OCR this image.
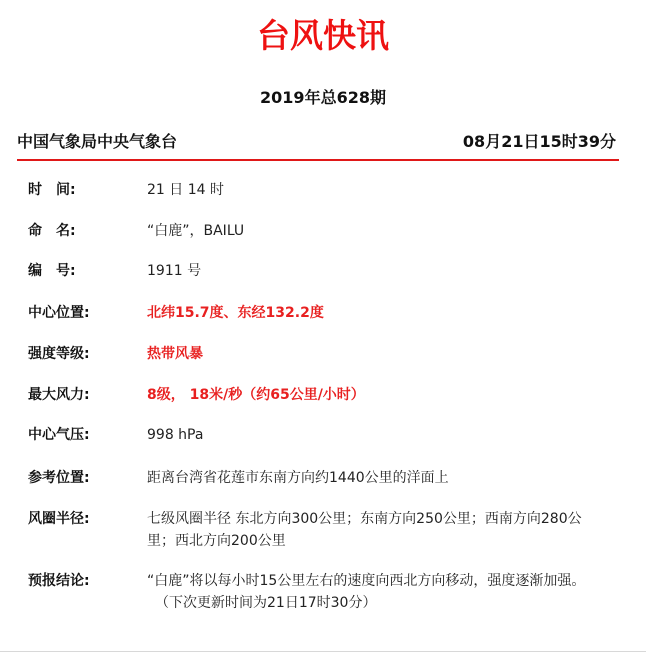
台风快讯
2019年总628期
中国气象局中央气象台	08月21日15时39分
时　间:	21 日 14 时
命　名:	“白鹿”，BAILU
编　号:	1911 号
中心位置:	北纬15.7度、东经132.2度
强度等级:	热带风暴
最大风力:	8级， 18米/秒（约65公里/小时）
中心气压:	998 hPa
参考位置:	距离台湾省花莲市东南方向约1440公里的洋面上
风圈半径:	七级风圈半径 东北方向300公里；东南方向250公里；西南方向280公里；西北方向200公里
预报结论:	“白鹿”将以每小时15公里左右的速度向西北方向移动，强度逐渐加强。
（下次更新时间为21日17时30分）
